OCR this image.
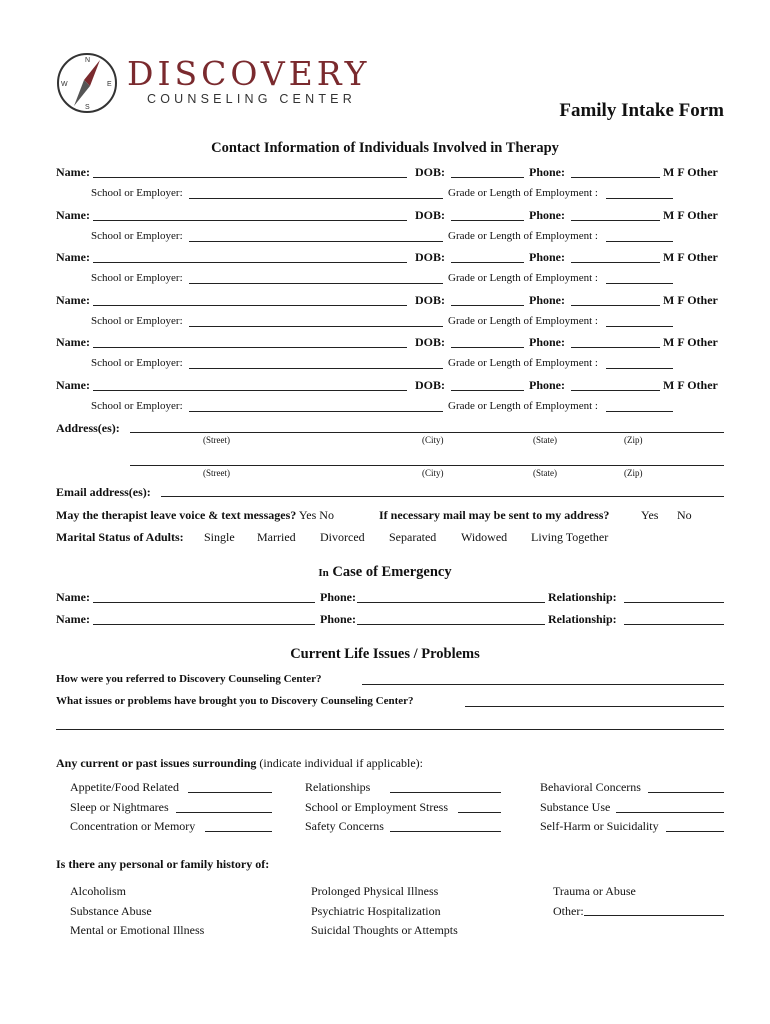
N
E
S
W DISCOVERY
COUNSELING CENTER
Family Intake Form
Contact Information of Individuals Involved in Therapy
Name:	DOB:	Phone:	M F Other
School or Employer:	Grade or Length of Employment :
Name:	DOB:	Phone:	M F Other
School or Employer:	Grade or Length of Employment :
Name:	DOB:	Phone:	M F Other
School or Employer:	Grade or Length of Employment :
Name:	DOB:	Phone:	M F Other
School or Employer:	Grade or Length of Employment :
Name:	DOB:	Phone:	M F Other
School or Employer:	Grade or Length of Employment :
Name:	DOB:	Phone:	M F Other
School or Employer:	Grade or Length of Employment :
Address(es):
(Street)	(City)	(State)	(Zip)
(Street)	(City)	(State)	(Zip)
Email address(es):
May the therapist leave voice & text messages? Yes No	If necessary mail may be sent to my address?	Yes No
Marital Status of Adults: Single Married Divorced Separated Widowed Living Together
In Case of Emergency
Name:	Phone:	Relationship:
Name:	Phone:	Relationship:
Current Life Issues / Problems
How were you referred to Discovery Counseling Center?
What issues or problems have brought you to Discovery Counseling Center?
Any current or past issues surrounding (indicate individual if applicable):
Appetite/Food Related	Relationships	Behavioral Concerns
Sleep or Nightmares	School or Employment Stress	Substance Use
Concentration or Memory	Safety Concerns	Self-Harm or Suicidality
Is there any personal or family history of:
Alcoholism	Prolonged Physical Illness	Trauma or Abuse
Substance Abuse	Psychiatric Hospitalization	Other:
Mental or Emotional Illness	Suicidal Thoughts or Attempts
